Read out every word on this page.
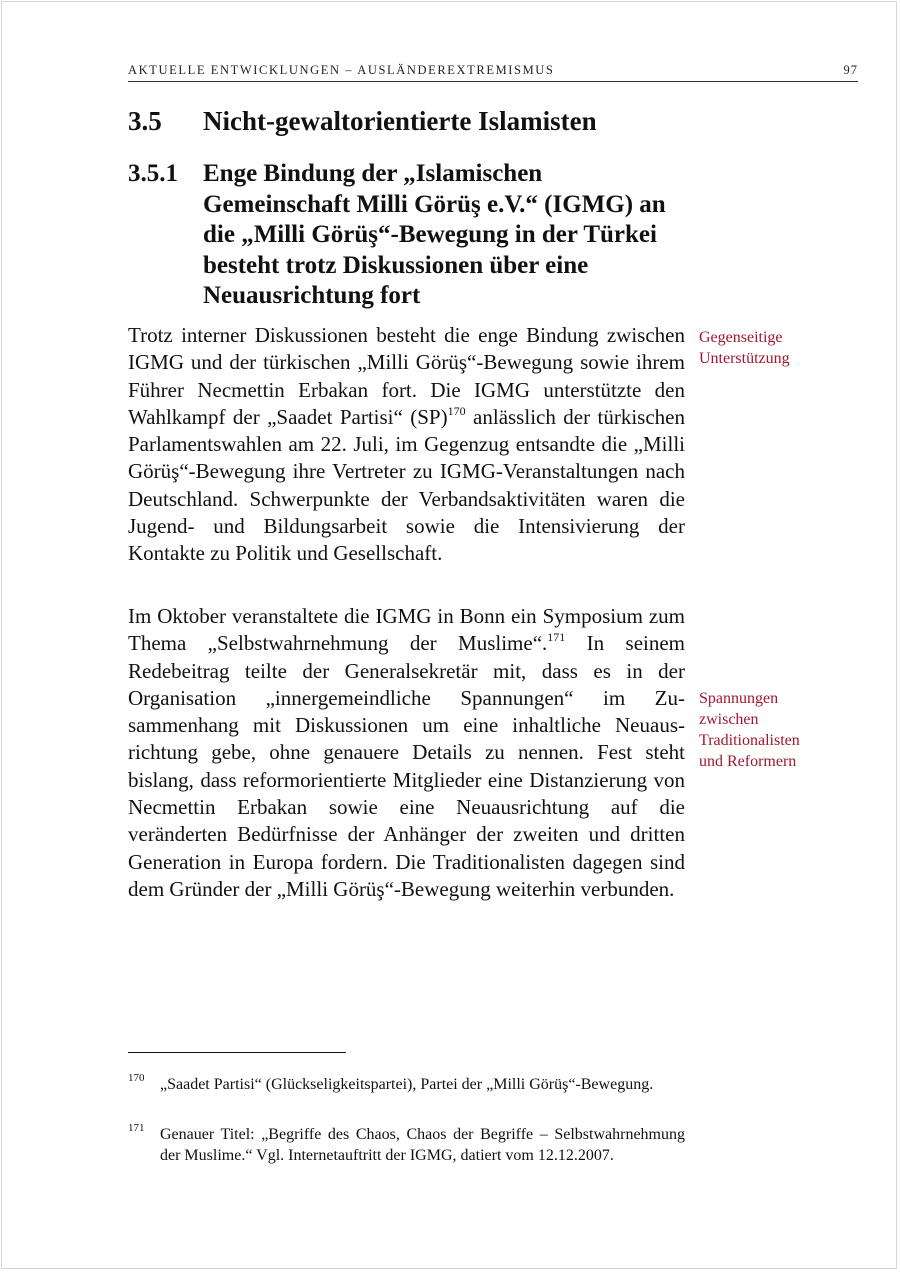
AKTUELLE ENTWICKLUNGEN – AUSLÄNDEREXTREMISMUS	97
3.5 Nicht-gewaltorientierte Islamisten
3.5.1 Enge Bindung der „Islamischen Gemeinschaft Milli Görüş e.V.“ (IGMG) an die „Milli Görüş“-Bewegung in der Türkei besteht trotz Diskussionen über eine Neuausrichtung fort

Trotz interner Diskussionen besteht die enge Bindung zwischen IGMG und der türkischen „Milli Görüş“-Bewegung sowie ihrem Führer Necmettin Erbakan fort. Die IGMG unterstützte den Wahlkampf der „Saadet Partisi“ (SP)$^{170}$ anlässlich der türkischen Parlamentswahlen am 22. Juli, im Gegenzug entsandte die „Milli Görüş“-Bewegung ihre Vertreter zu IGMG-Veranstaltungen nach Deutschland. Schwerpunkte der Verbandsaktivitäten waren die Jugend- und Bildungsarbeit sowie die Intensivierung der Kontakte zu Politik und Gesellschaft.

Im Oktober veranstaltete die IGMG in Bonn ein Symposium zum Thema „Selbstwahrnehmung der Muslime“.$^{171}$ In seinem Redebeitrag teilte der Generalsekretär mit, dass es in der Organisation „innergemeindliche Spannungen“ im Zusammenhang mit Diskussionen um eine inhaltliche Neuausrichtung gebe, ohne genauere Details zu nennen. Fest steht bislang, dass reformorientierte Mitglieder eine Distanzierung von Necmettin Erbakan sowie eine Neuausrichtung auf die veränderten Bedürfnisse der Anhänger der zweiten und dritten Generation in Europa fordern. Die Traditionalisten dagegen sind dem Gründer der „Milli Görüş“-Bewegung weiterhin verbunden.

Gegenseitige
Unterstützung
Spannungen
zwischen
Traditionalisten
und Reformern
170 „Saadet Partisi“ (Glückseligkeitspartei), Partei der „Milli Görüş“-Bewegung.
171 Genauer Titel: „Begriffe des Chaos, Chaos der Begriffe – Selbstwahrnehmung der Muslime.“ Vgl. Internetauftritt der IGMG, datiert vom 12.12.2007.
